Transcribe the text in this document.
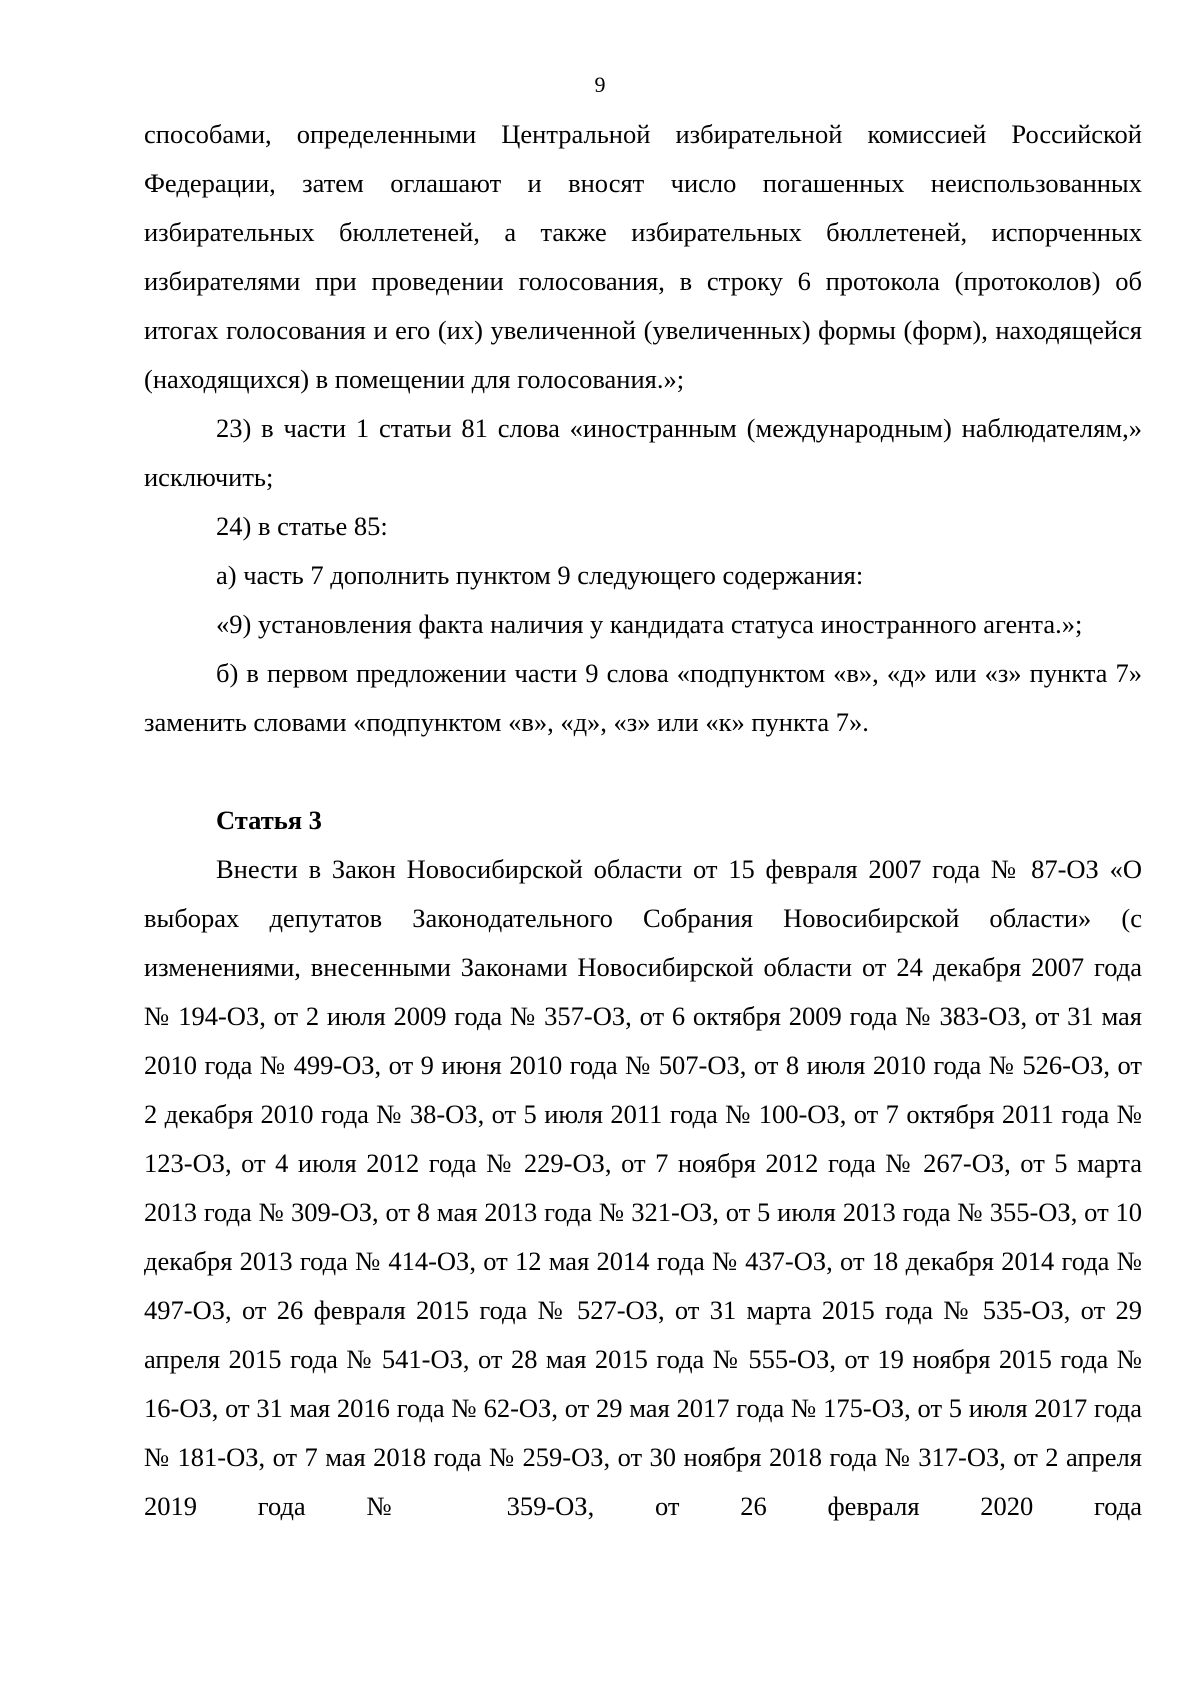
9

способами, определенными Центральной избирательной комиссией Российской Федерации, затем оглашают и вносят число погашенных неиспользованных избирательных бюллетеней, а также избирательных бюллетеней, испорченных избирателями при проведении голосования, в строку 6 протокола (протоколов) об итогах голосования и его (их) увеличенной (увеличенных) формы (форм), находящейся (находящихся) в помещении для голосования.»;

23) в части 1 статьи 81 слова «иностранным (международным) наблюдателям,» исключить;

24) в статье 85:

а) часть 7 дополнить пунктом 9 следующего содержания:

«9) установления факта наличия у кандидата статуса иностранного агента.»;

б) в первом предложении части 9 слова «подпунктом «в», «д» или «з» пункта 7» заменить словами «подпунктом «в», «д», «з» или «к» пункта 7».

Статья 3

Внести в Закон Новосибирской области от 15 февраля 2007 года № 87-ОЗ «О выборах депутатов Законодательного Собрания Новосибирской области» (с изменениями, внесенными Законами Новосибирской области от 24 декабря 2007 года № 194-ОЗ, от 2 июля 2009 года № 357-ОЗ, от 6 октября 2009 года № 383-ОЗ, от 31 мая 2010 года № 499-ОЗ, от 9 июня 2010 года № 507-ОЗ, от 8 июля 2010 года № 526-ОЗ, от 2 декабря 2010 года № 38-ОЗ, от 5 июля 2011 года № 100-ОЗ, от 7 октября 2011 года № 123-ОЗ, от 4 июля 2012 года № 229-ОЗ, от 7 ноября 2012 года № 267-ОЗ, от 5 марта 2013 года № 309-ОЗ, от 8 мая 2013 года № 321-ОЗ, от 5 июля 2013 года № 355-ОЗ, от 10 декабря 2013 года № 414-ОЗ, от 12 мая 2014 года № 437-ОЗ, от 18 декабря 2014 года № 497-ОЗ, от 26 февраля 2015 года № 527-ОЗ, от 31 марта 2015 года № 535-ОЗ, от 29 апреля 2015 года № 541-ОЗ, от 28 мая 2015 года № 555-ОЗ, от 19 ноября 2015 года № 16-ОЗ, от 31 мая 2016 года № 62-ОЗ, от 29 мая 2017 года № 175-ОЗ, от 5 июля 2017 года № 181-ОЗ, от 7 мая 2018 года № 259-ОЗ, от 30 ноября 2018 года № 317-ОЗ, от 2 апреля 2019 года № 359-ОЗ, от 26 февраля 2020 года
